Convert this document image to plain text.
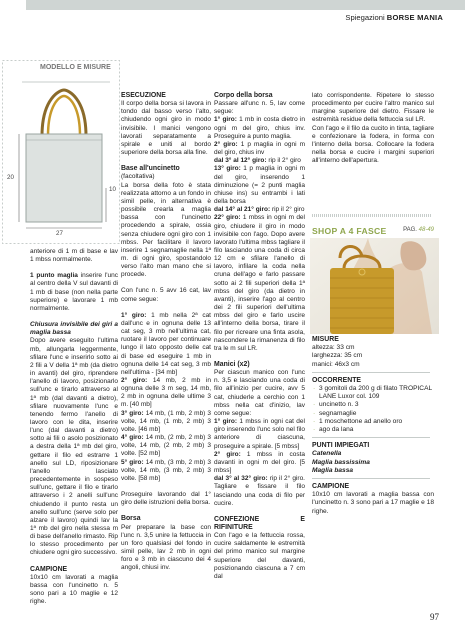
Spiegazioni BORSE MANIA
MODELLO E MISURE
20
27
10

anteriore di 1 m di base e lav 1 mbss normalmente.

1 punto maglia inserire l'unc al centro della V sul davanti di 1 mb di base (non nella parte superiore) e lavorare 1 mb normalmente.

Chiusura invisibile dei giri a maglia bassa

Dopo avere eseguito l'ultima mb, allungarla leggermente, sfilare l'unc e inserirlo sotto ai 2 fili a V della 1ª mb (da dietro in avanti) del giro, riprendere l'anello di lavoro, posizionarlo sull'unc e tirarlo attraverso al 1ª mb (dal davanti a dietro), sfilare nuovamente l'unc e tenendo fermo l'anello di lavoro con le dita, inserire l'unc (dal davanti a dietro) sotto ai fili o asolo posizionato a destra della 1ª mb del giro, gettare il filo ed estrarre 1 anello sul LD, riposizionare l'anello lasciato precedentemente in sospeso sull'unc, gettare il filo e tirarlo attraverso i 2 anelli sull'unc chiudendo il punto resta un anello sull'unc (serve solo per alzare il lavoro) quindi lav la 1ª mb del giro nella stessa m di base dell'anello rimasto. Rip lo stesso procedimento per chiudere ogni giro successivo.

CAMPIONE

10x10 cm lavorati a maglia bassa con l'uncinetto n. 5 sono pari a 10 maglie e 12 righe.

ESECUZIONE

Il corpo della borsa si lavora in tondo dal basso verso l'alto, chiudendo ogni giro in modo invisibile. I manici vengono lavorati separatamente a spirale e uniti al bordo superiore della borsa alla fine.

Base all'uncinetto
(facoltativa)

La borsa della foto è stata realizzata attorno a un fondo in simil pelle, in alternativa è possibile crearla a maglia bassa con l'uncinetto procedendo a spirale, ossia senza chiudere ogni giro con 1 mbss. Per facilitare il lavoro inserire 1 segnamaglie nella 1ª m. di ogni giro, spostandolo verso l'alto man mano che si procede.

Con l'unc n. 5 avv 16 cat, lav come segue:

1° giro: 1 mb nella 2ª cat dall'unc e in ognuna delle 13 cat seg, 3 mb nell'ultima cat, ruotare il lavoro per continuare lungo il lato opposto delle cat di base ed eseguire 1 mb in ognuna delle 14 cat seg, 3 mb nell'ultima - [34 mb]

2° giro: 14 mb, 2 mb in ognuna delle 3 m seg, 14 mb, 2 mb in ognuna delle ultime 3 m. [40 mb]

3° giro: 14 mb, (1 mb, 2 mb) 3 volte, 14 mb, (1 mb, 2 mb) 3 volte. [46 mb]

4° giro: 14 mb, (2 mb, 2 mb) 3 volte, 14 mb, (2 mb, 2 mb) 3 volte. [52 mb]

5° giro: 14 mb, (3 mb, 2 mb) 3 volte, 14 mb, (3 mb, 2 mb) 3 volte. [58 mb]

Proseguire lavorando dal 1° giro delle istruzioni della borsa.

Borsa

Per preparare la base con l'unc n. 3,5 unire la fettuccia in un foro qualsiasi del fondo in simil pelle, lav 2 mb in ogni foro e 3 mb in ciascuno dei 4 angoli, chiusi inv.

Corpo della borsa

Passare all'unc n. 5, lav come segue:

1° giro: 1 mb in costa dietro in ogni m del giro, chius inv. Proseguire a punto maglia.

2° giro: 1 p maglia in ogni m del giro, chius inv

dal 3° al 12° giro: rip il 2° giro

13° giro: 1 p maglia in ogni m del giro, inserendo 1 diminuzione (= 2 punti maglia chiuse ins) su entrambi i lati della borsa

dal 14° al 21° giro: rip il 2° giro

22° giro: 1 mbss in ogni m del giro, chiudere il giro in modo invisibile con l'ago. Dopo avere lavorato l'ultima mbss tagliare il filo lasciando una coda di circa 12 cm e sfilare l'anello di lavoro, infilare la coda nella cruna dell'ago e farlo passare sotto ai 2 fili superiori della 1ª mbss del giro (da dietro in avanti), inserire l'ago al centro dei 2 fili superiori dell'ultima mbss del giro e farlo uscire all'interno della borsa, tirare il filo per ricreare una finta asola, nascondere la rimanenza di filo tra le m sul LR.

Manici (x2)

Per ciascun manico con l'unc n. 3,5 e lasciando una coda di filo all'inizio per cucire, avv 5 cat, chiuderle a cerchio con 1 mbss nella cat d'inizio, lav come segue:

1° giro: 1 mbss in ogni cat del giro inserendo l'unc solo nel filo anteriore di ciascuna, proseguire a spirale. [5 mbss]

2° giro: 1 mbss in costa davanti in ogni m del giro. [5 mbss]

dal 3° al 32° giro: rip il 2° giro. Tagliare e fissare il filo lasciando una coda di filo per cucire.

CONFEZIONE E RIFINITURE

Con l'ago e la fettuccia rossa, cucire saldamente le estremità del primo manico sul margine superiore del davanti, posizionando ciascuna a 7 cm dal

lato corrispondente. Ripetere lo stesso procedimento per cucire l'altro manico sul margine superiore del dietro. Fissare le estremità residue della fettuccia sul LR.

Con l'ago e il filo da cucito in tinta, tagliare e confezionare la fodera, in forma con l'interno della borsa. Collocare la fodera nella borsa e cucire i margini superiori all'interno dell'apertura.

SHOP A 4 FASCE	PAG. 48-49
MISURE
altezza: 33 cm
larghezza: 35 cm
manici: 46x3 cm
OCCORRENTE
· 3 gomitoli da 200 g di filato TROPICAL LANE Luxor col. 109
· uncinetto n. 3
· segnamaglie
· 1 moschettone ad anello oro
· ago da lana
PUNTI IMPIEGATI
Catenella
Maglia bassissima
Maglia bassa
CAMPIONE
10x10 cm lavorati a maglia bassa con l'uncinetto n. 3 sono pari a 17 maglie e 18 righe.
97
